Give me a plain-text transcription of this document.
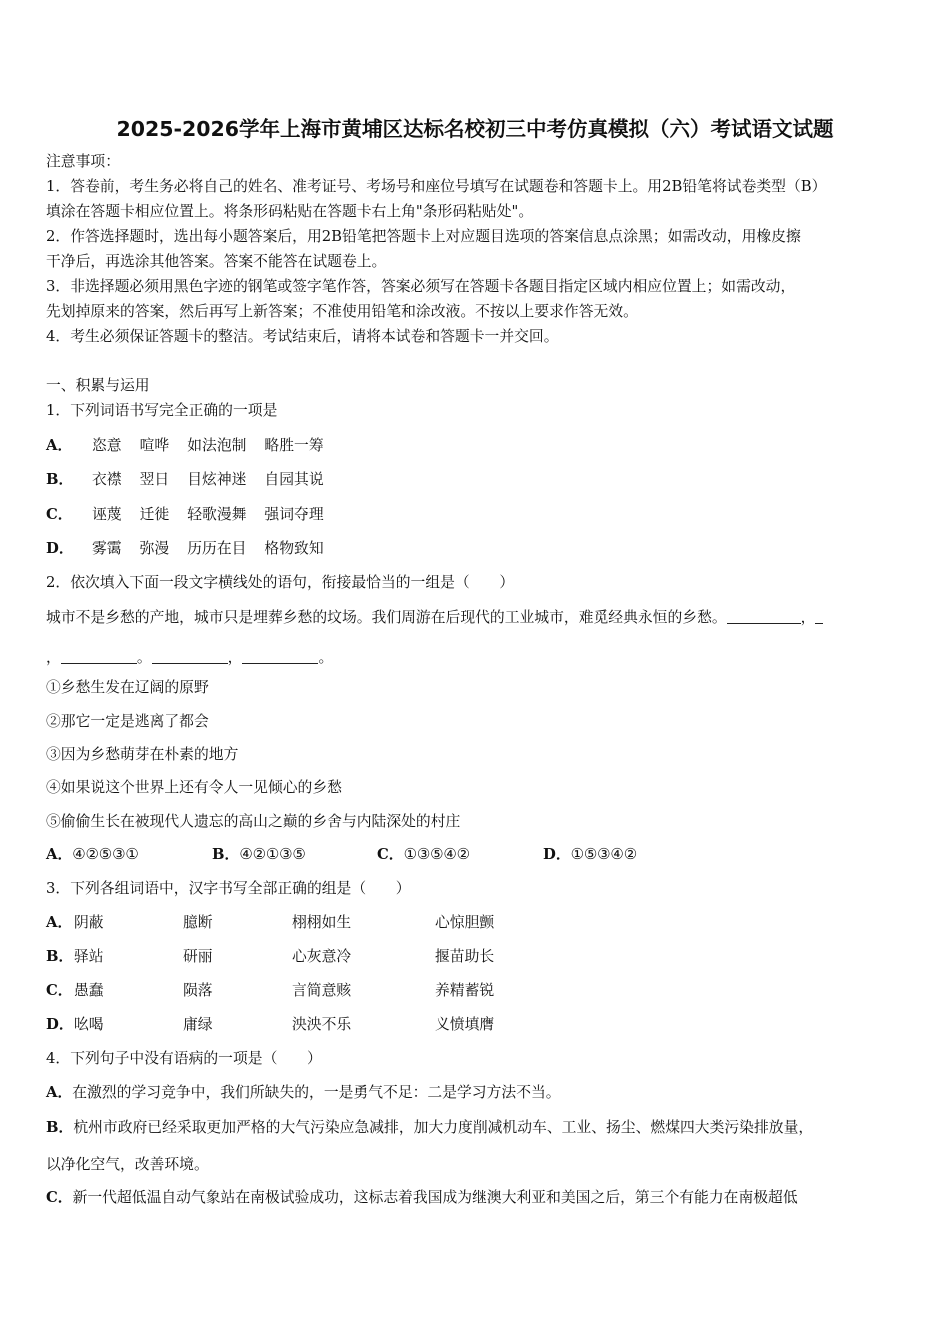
2025-2026学年上海市黄埔区达标名校初三中考仿真模拟（六）考试语文试题
注意事项：
1．答卷前，考生务必将自己的姓名、准考证号、考场号和座位号填写在试题卷和答题卡上。用2B铅笔将试卷类型（B）
填涂在答题卡相应位置上。将条形码粘贴在答题卡右上角"条形码粘贴处"。
2．作答选择题时，选出每小题答案后，用2B铅笔把答题卡上对应题目选项的答案信息点涂黑；如需改动，用橡皮擦
干净后，再选涂其他答案。答案不能答在试题卷上。
3．非选择题必须用黑色字迹的钢笔或签字笔作答，答案必须写在答题卡各题目指定区域内相应位置上；如需改动，
先划掉原来的答案，然后再写上新答案；不准使用铅笔和涂改液。不按以上要求作答无效。
4．考生必须保证答题卡的整洁。考试结束后，请将本试卷和答题卡一并交回。
一、积累与运用
1．下列词语书写完全正确的一项是
A． 恣意 喧哗 如法泡制 略胜一筹
B． 衣襟 翌日 目炫神迷 自园其说
C． 诬蔑 迁徙 轻歌漫舞 强词夺理
D． 雾霭 弥漫 历历在目 格物致知
2．依次填入下面一段文字横线处的语句，衔接最恰当的一组是（　　）
城市不是乡愁的产地，城市只是埋葬乡愁的坟场。我们周游在后现代的工业城市，难觅经典永恒的乡愁。	，
，	。	，	。
①乡愁生发在辽阔的原野
②那它一定是逃离了都会
③因为乡愁萌芽在朴素的地方
④如果说这个世界上还有令人一见倾心的乡愁
⑤偷偷生长在被现代人遗忘的高山之巅的乡舍与内陆深处的村庄
A． ④②⑤③①	B． ④②①③⑤	C． ①③⑤④②	D． ①⑤③④②
3．下列各组词语中，汉字书写全部正确的组是（　　）
A． 阴蔽	臆断	栩栩如生	心惊胆颤
B． 驿站	研丽	心灰意冷	揠苗助长
C． 愚蠢	陨落	言简意赅	养精蓄锐
D． 吆喝	庸绿	泱泱不乐	义愤填膺
4．下列句子中没有语病的一项是（　　）
A．在激烈的学习竞争中，我们所缺失的，一是勇气不足：二是学习方法不当。
B．杭州市政府已经采取更加严格的大气污染应急减排，加大力度削减机动车、工业、扬尘、燃煤四大类污染排放量，
以净化空气，改善环境。
C．新一代超低温自动气象站在南极试验成功，这标志着我国成为继澳大利亚和美国之后，第三个有能力在南极超低
